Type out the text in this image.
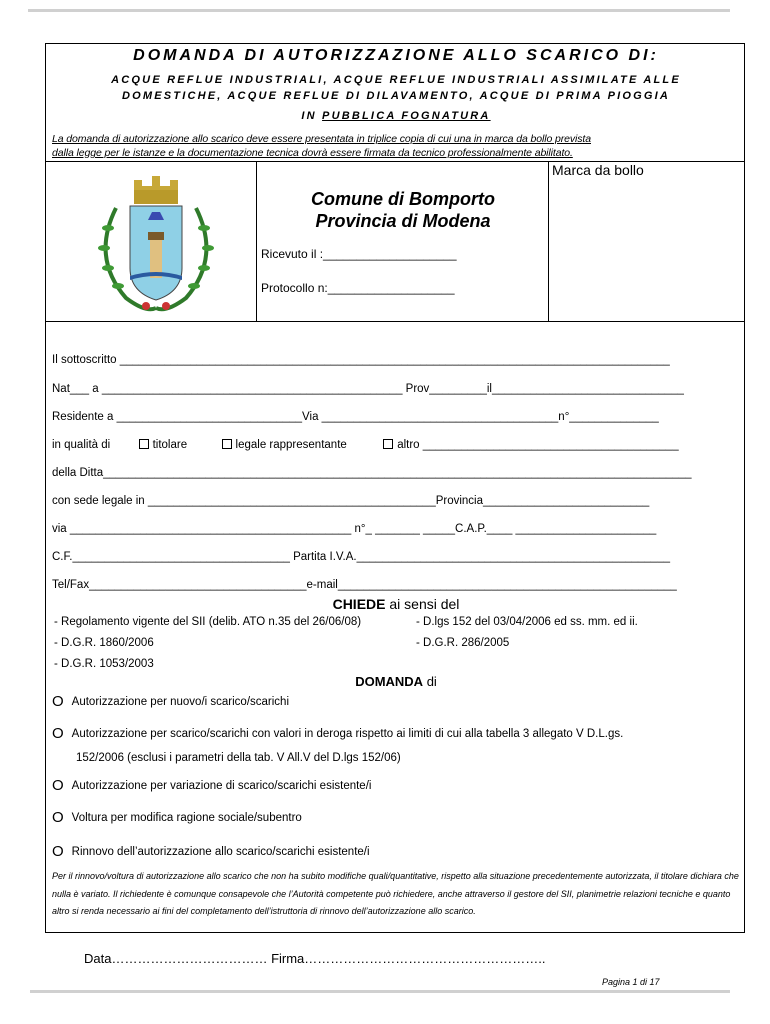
DOMANDA DI AUTORIZZAZIONE ALLO SCARICO DI:
ACQUE REFLUE INDUSTRIALI, ACQUE REFLUE INDUSTRIALI ASSIMILATE ALLE
DOMESTICHE, ACQUE REFLUE DI DILAVAMENTO, ACQUE DI PRIMA PIOGGIA
IN PUBBLICA FOGNATURA
La domanda di autorizzazione allo scarico deve essere presentata in triplice copia di cui una in marca da bollo prevista
dalla legge per le istanze e la documentazione tecnica dovrà essere firmata da tecnico professionalmente abilitato.
Marca da bollo
Comune di Bomporto
Provincia di Modena
Ricevuto il :____________________
Protocollo n:___________________
Il sottoscritto ______________________________________________________________________________________
Nat___ a _______________________________________________ Prov_________il______________________________
Residente a _____________________________Via _____________________________________n°______________
in qualità di	titolare	legale rappresentante	altro ________________________________________
della Ditta____________________________________________________________________________________________
con sede legale in _____________________________________________Provincia__________________________
via ____________________________________________ n°_ _______ _____C.A.P.____ ______________________
C.F.__________________________________ Partita I.V.A._________________________________________________
Tel/Fax__________________________________e-mail_____________________________________________________
CHIEDE ai sensi del
- Regolamento vigente del SII (delib. ATO n.35 del 26/06/08)	- D.lgs 152 del 03/04/2006 ed ss. mm. ed ii.
- D.G.R. 1860/2006	- D.G.R. 286/2005
- D.G.R. 1053/2003
DOMANDA di
O Autorizzazione per nuovo/i scarico/scarichi
O Autorizzazione per scarico/scarichi con valori in deroga rispetto ai limiti di cui alla tabella 3 allegato V D.L.gs.
152/2006 (esclusi i parametri della tab. V All.V del D.lgs 152/06)
O Autorizzazione per variazione di scarico/scarichi esistente/i
O Voltura per modifica ragione sociale/subentro
O Rinnovo dell’autorizzazione allo scarico/scarichi esistente/i
Per il rinnovo/voltura di autorizzazione allo scarico che non ha subito modifiche quali/quantitative, rispetto alla situazione precedentemente autorizzata, il titolare dichiara che nulla è variato. Il richiedente è comunque consapevole che l’Autorità competente può richiedere, anche attraverso il gestore del SII, planimetrie relazioni tecniche e quanto altro si renda necessario ai fini del completamento dell’istruttoria di rinnovo dell’autorizzazione allo scarico.
Data……………………………… Firma………………………………………………..
Pagina 1 di 17
